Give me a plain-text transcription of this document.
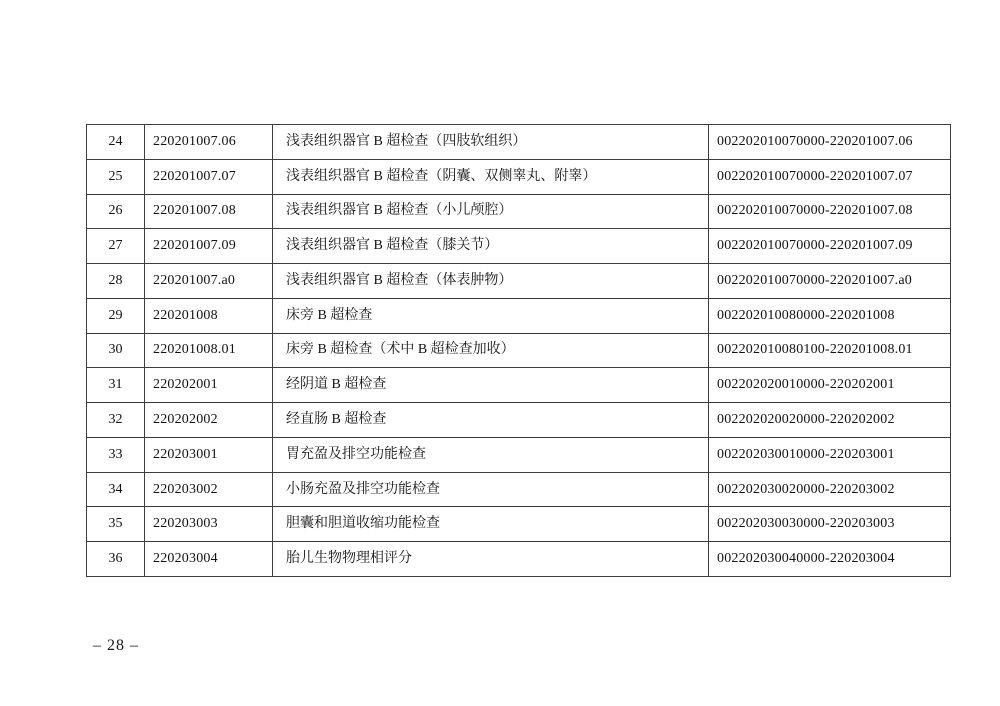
24	220201007.06	浅表组织器官 B 超检查（四肢软组织）	002202010070000-220201007.06
25	220201007.07	浅表组织器官 B 超检查（阴囊、双侧睾丸、附睾）	002202010070000-220201007.07
26	220201007.08	浅表组织器官 B 超检查（小儿颅腔）	002202010070000-220201007.08
27	220201007.09	浅表组织器官 B 超检查（膝关节）	002202010070000-220201007.09
28	220201007.a0	浅表组织器官 B 超检查（体表肿物）	002202010070000-220201007.a0
29	220201008	床旁 B 超检查	002202010080000-220201008
30	220201008.01	床旁 B 超检查（术中 B 超检查加收）	002202010080100-220201008.01
31	220202001	经阴道 B 超检查	002202020010000-220202001
32	220202002	经直肠 B 超检查	002202020020000-220202002
33	220203001	胃充盈及排空功能检查	002202030010000-220203001
34	220203002	小肠充盈及排空功能检查	002202030020000-220203002
35	220203003	胆囊和胆道收缩功能检查	002202030030000-220203003
36	220203004	胎儿生物物理相评分	002202030040000-220203004
– 28 –
